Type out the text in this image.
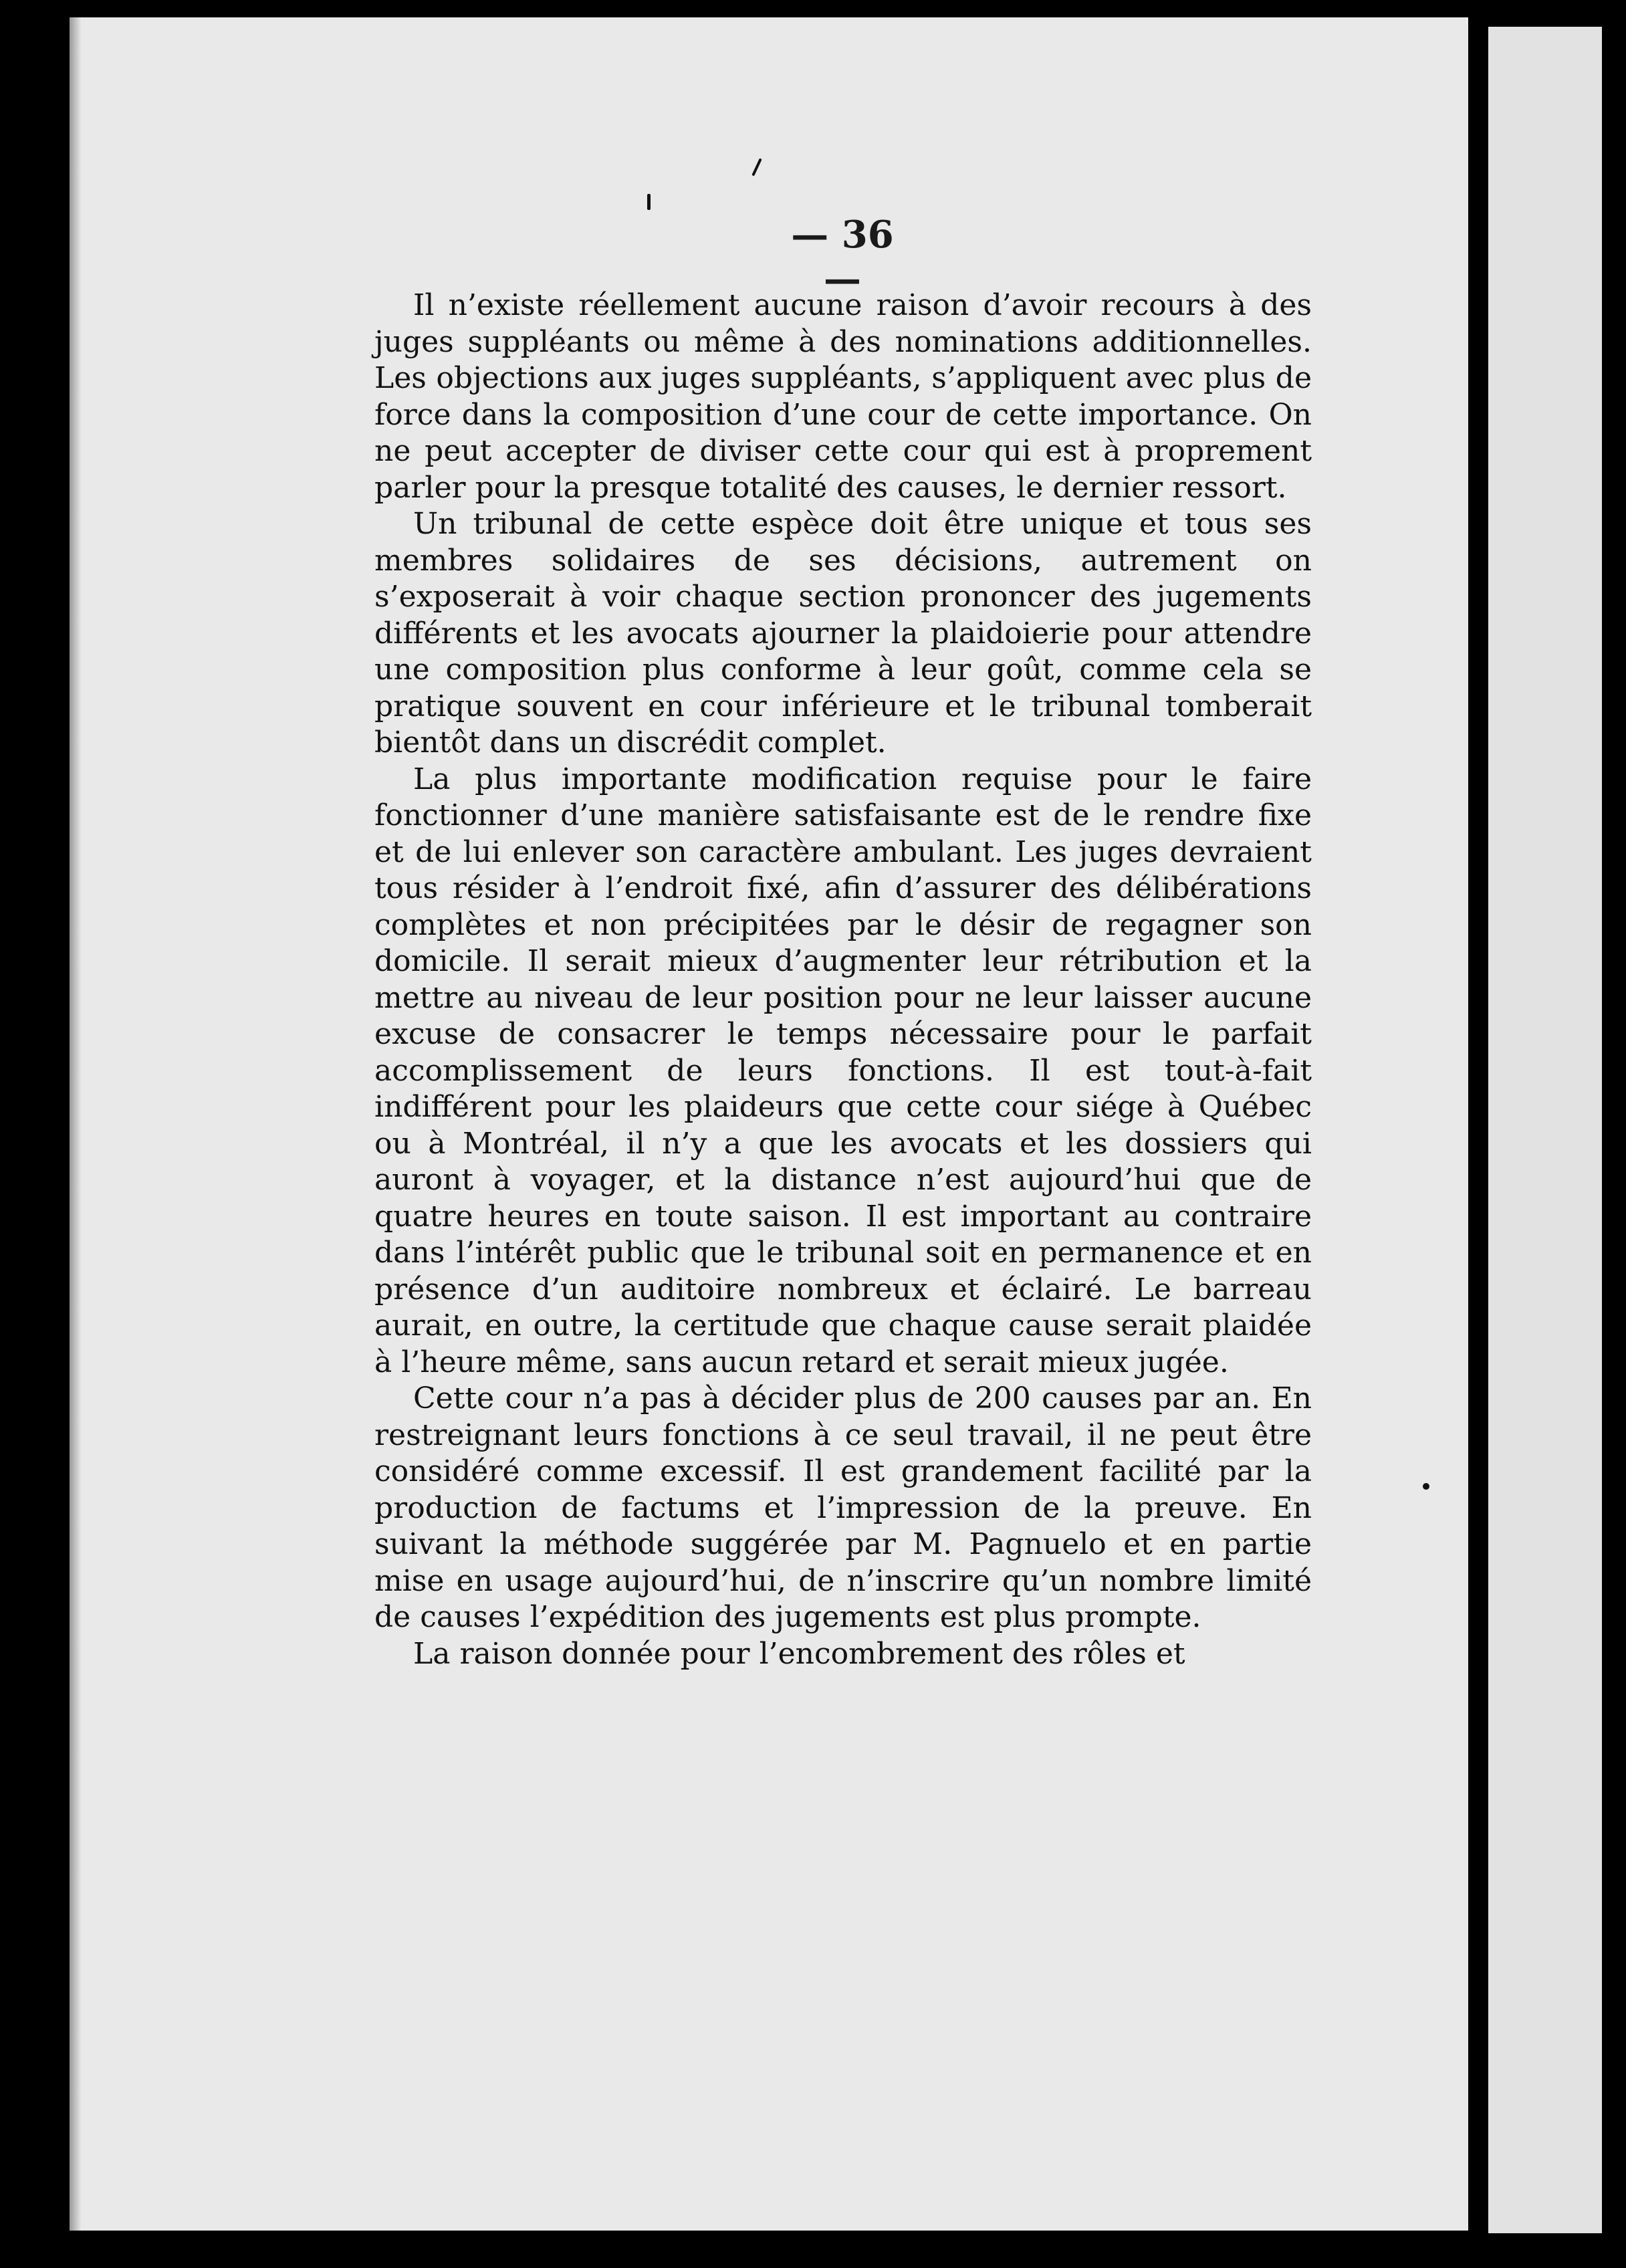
— 36 —

Il n’existe réellement aucune raison d’avoir recours à des juges suppléants ou même à des nominations additionnelles. Les objections aux juges suppléants, s’appliquent avec plus de force dans la composition d’une cour de cette importance. On ne peut accepter de diviser cette cour qui est à proprement parler pour la presque totalité des causes, le dernier ressort.

Un tribunal de cette espèce doit être unique et tous ses membres solidaires de ses décisions, autrement on s’exposerait à voir chaque section prononcer des jugements différents et les avocats ajourner la plaidoierie pour attendre une composition plus conforme à leur goût, comme cela se pratique souvent en cour inférieure et le tribunal tomberait bientôt dans un discrédit complet.

La plus importante modification requise pour le faire fonctionner d’une manière satisfaisante est de le rendre fixe et de lui enlever son caractère ambulant. Les juges devraient tous résider à l’endroit fixé, afin d’assurer des délibérations complètes et non précipitées par le désir de regagner son domicile. Il serait mieux d’augmenter leur rétribution et la mettre au niveau de leur position pour ne leur laisser aucune excuse de consacrer le temps nécessaire pour le parfait accomplissement de leurs fonctions. Il est tout-à-fait indifférent pour les plaideurs que cette cour siége à Québec ou à Montréal, il n’y a que les avocats et les dossiers qui auront à voyager, et la distance n’est aujourd’hui que de quatre heures en toute saison. Il est important au contraire dans l’intérêt public que le tribunal soit en permanence et en présence d’un auditoire nombreux et éclairé. Le barreau aurait, en outre, la certitude que chaque cause serait plaidée à l’heure même, sans aucun retard et serait mieux jugée.

Cette cour n’a pas à décider plus de 200 causes par an. En restreignant leurs fonctions à ce seul travail, il ne peut être considéré comme excessif. Il est grandement facilité par la production de factums et l’impression de la preuve. En suivant la méthode suggérée par M. Pagnuelo et en partie mise en usage aujourd’hui, de n’inscrire qu’un nombre limité de causes l’expédition des jugements est plus prompte.

La raison donnée pour l’encombrement des rôles et
